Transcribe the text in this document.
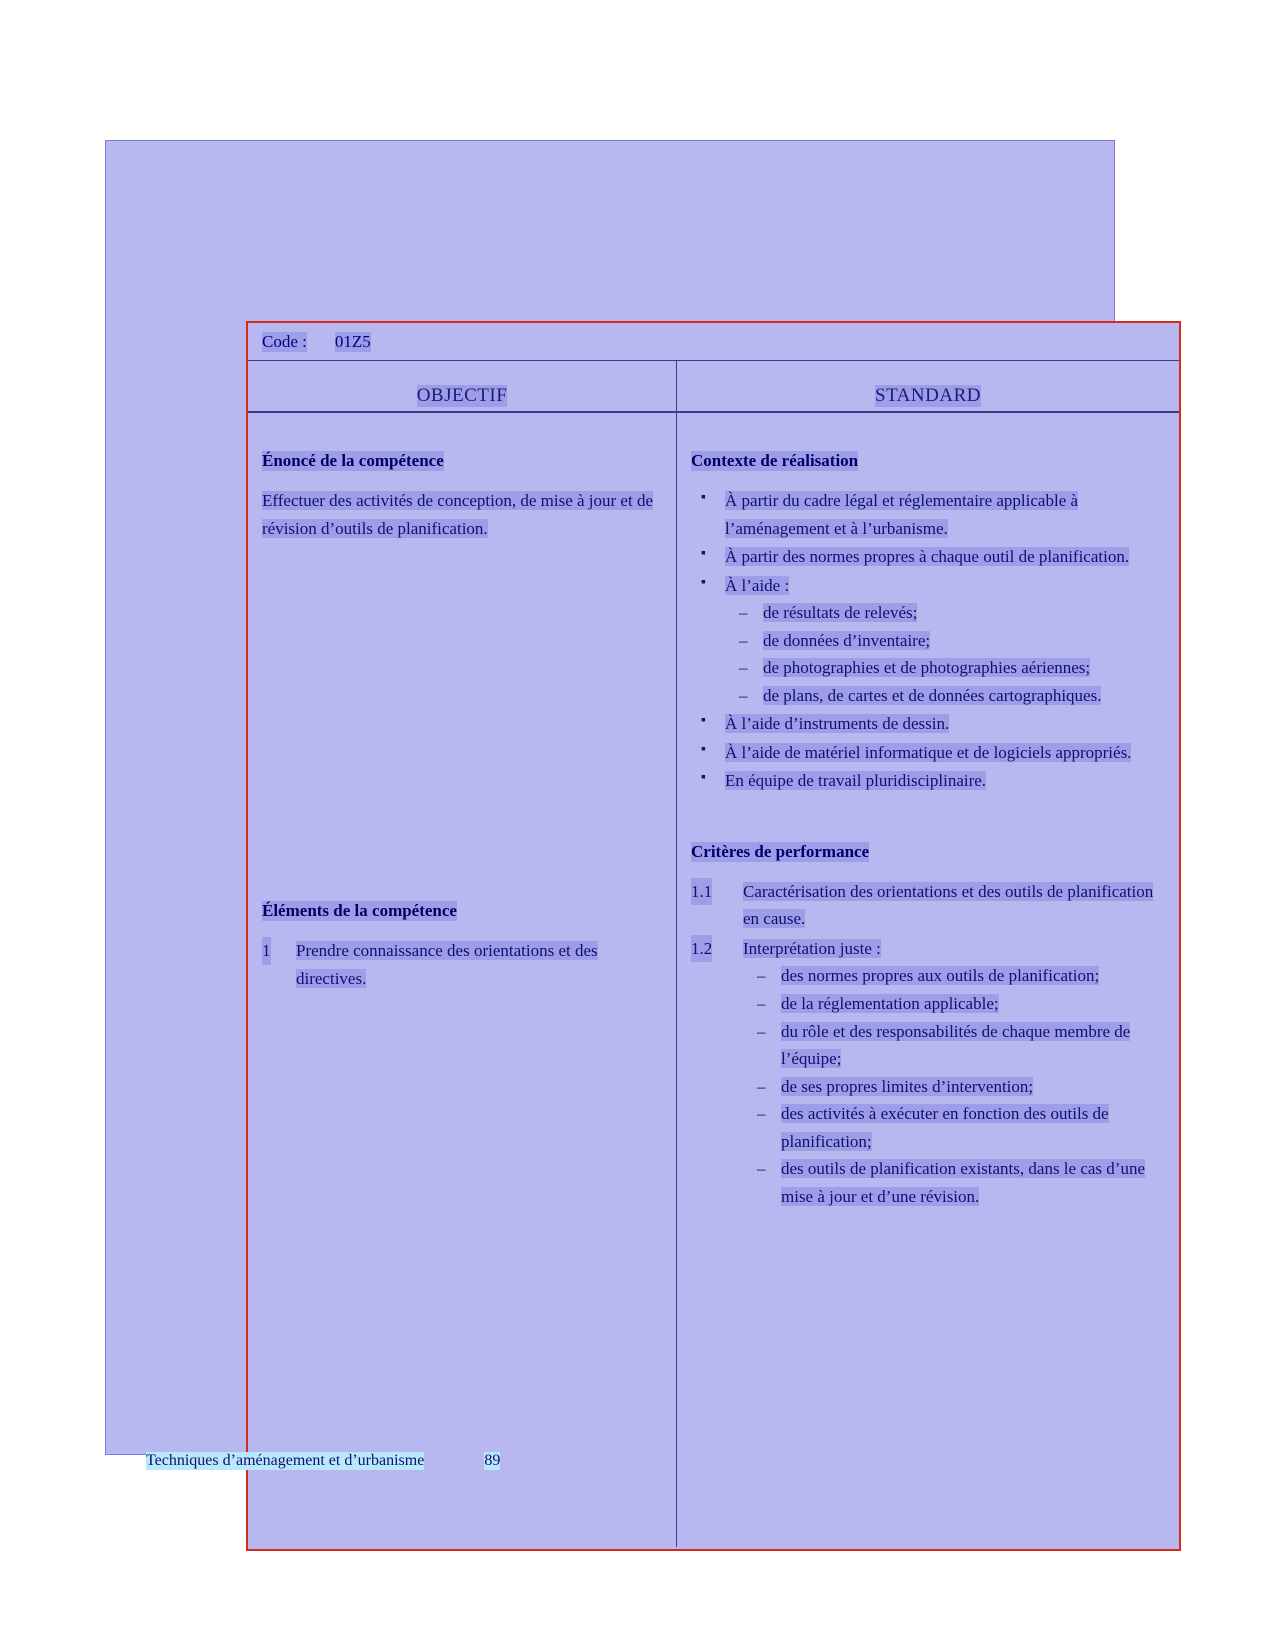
Code : 01Z5
OBJECTIF	STANDARD
Énoncé de la compétence
Effectuer des activités de conception, de mise à jour et de révision d’outils de planification.
Éléments de la compétence
1 Prendre connaissance des orientations et des directives.
Contexte de réalisation
▪ À partir du cadre légal et réglementaire applicable à l’aménagement et à l’urbanisme.
▪ À partir des normes propres à chaque outil de planification.
▪ À l’aide :
– de résultats de relevés;
– de données d’inventaire;
– de photographies et de photographies aériennes;
– de plans, de cartes et de données cartographiques.
▪ À l’aide d’instruments de dessin.
▪ À l’aide de matériel informatique et de logiciels appropriés.
▪ En équipe de travail pluridisciplinaire.
Critères de performance
1.1 Caractérisation des orientations et des outils de planification en cause.
1.2 Interprétation juste :
– des normes propres aux outils de planification;
– de la réglementation applicable;
– du rôle et des responsabilités de chaque membre de l’équipe;
– de ses propres limites d’intervention;
– des activités à exécuter en fonction des outils de planification;
– des outils de planification existants, dans le cas d’une mise à jour et d’une révision.
Techniques d’aménagement et d’urbanisme	89
